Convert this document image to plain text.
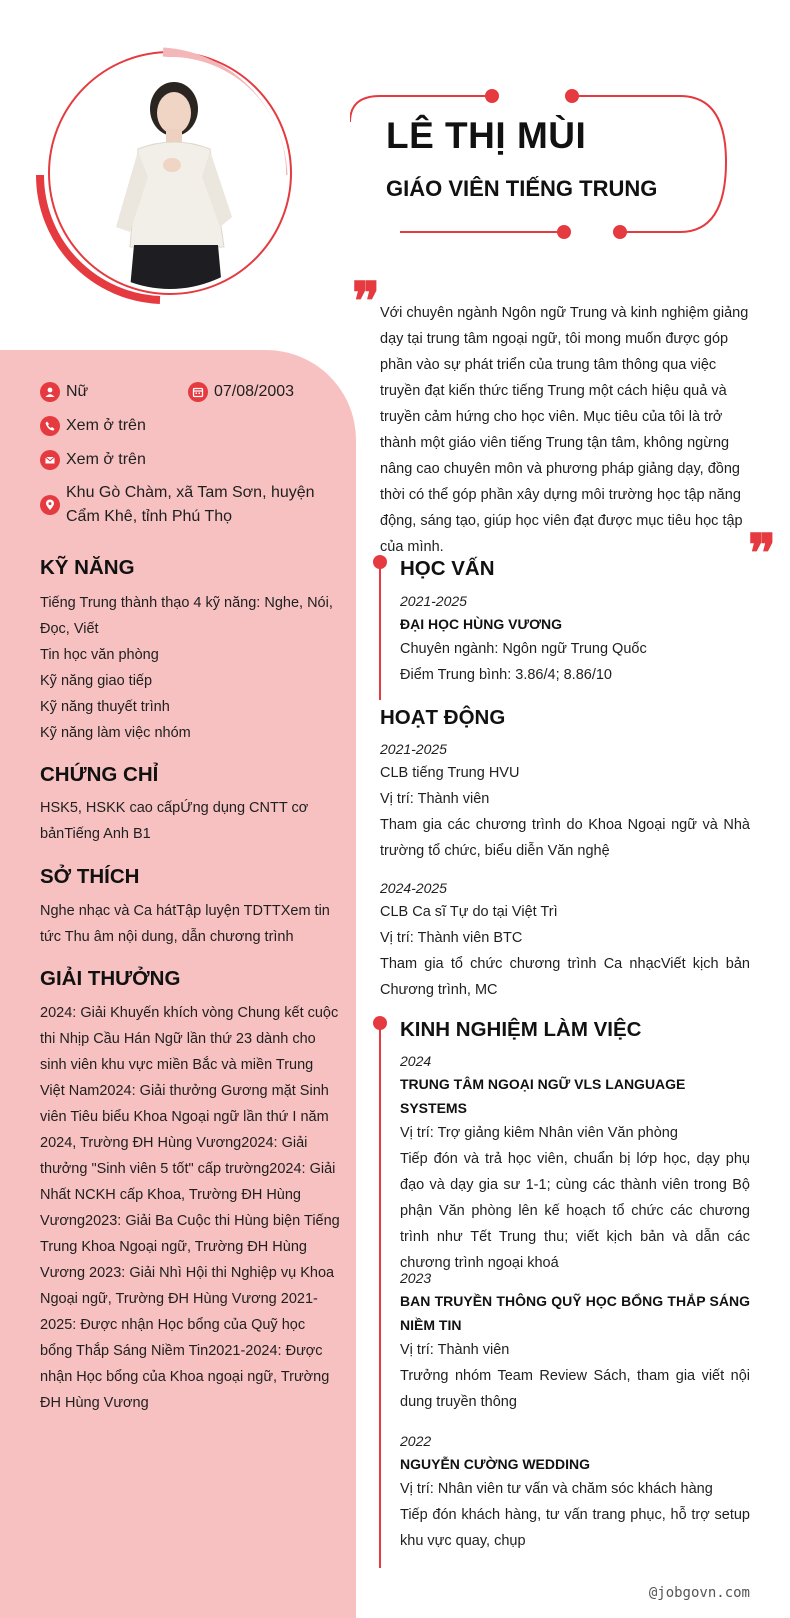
LÊ THỊ MÙI
GIÁO VIÊN TIẾNG TRUNG
❞ Với chuyên ngành Ngôn ngữ Trung và kinh nghiệm giảng dạy tại trung tâm ngoại ngữ, tôi mong muốn được góp phần vào sự phát triển của trung tâm thông qua việc truyền đạt kiến thức tiếng Trung một cách hiệu quả và truyền cảm hứng cho học viên. Mục tiêu của tôi là trở thành một giáo viên tiếng Trung tận tâm, không ngừng nâng cao chuyên môn và phương pháp giảng dạy, đồng thời có thể góp phần xây dựng môi trường học tập năng động, sáng tạo, giúp học viên đạt được mục tiêu học tập của mình.	❞
Nữ	07/08/2003
Xem ở trên
Xem ở trên
Khu Gò Chàm, xã Tam Sơn, huyện Cẩm Khê, tỉnh Phú Thọ
KỸ NĂNG
Tiếng Trung thành thạo 4 kỹ năng: Nghe, Nói, Đọc, Viết
Tin học văn phòng
Kỹ năng giao tiếp
Kỹ năng thuyết trình
Kỹ năng làm việc nhóm
CHỨNG CHỈ
HSK5, HSKK cao cấpỨng dụng CNTT cơ bảnTiếng Anh B1
SỞ THÍCH
Nghe nhạc và Ca hátTập luyện TDTTXem tin tức Thu âm nội dung, dẫn chương trình
GIẢI THƯỞNG
2024: Giải Khuyến khích vòng Chung kết cuộc thi Nhịp Cầu Hán Ngữ lần thứ 23 dành cho sinh viên khu vực miền Bắc và miền Trung Việt Nam2024: Giải thưởng Gương mặt Sinh viên Tiêu biểu Khoa Ngoại ngữ lần thứ I năm 2024, Trường ĐH Hùng Vương2024: Giải thưởng "Sinh viên 5 tốt" cấp trường2024: Giải Nhất NCKH cấp Khoa, Trường ĐH Hùng Vương2023: Giải Ba Cuộc thi Hùng biện Tiếng Trung Khoa Ngoại ngữ, Trường ĐH Hùng Vương 2023: Giải Nhì Hội thi Nghiệp vụ Khoa Ngoại ngữ, Trường ĐH Hùng Vương 2021-2025: Được nhận Học bổng của Quỹ học bổng Thắp Sáng Niềm Tin2021-2024: Được nhận Học bổng của Khoa ngoại ngữ, Trường ĐH Hùng Vương
HỌC VẤN
2021-2025
ĐẠI HỌC HÙNG VƯƠNG
Chuyên ngành: Ngôn ngữ Trung Quốc
Điểm Trung bình: 3.86/4; 8.86/10
HOẠT ĐỘNG
2021-2025
CLB tiếng Trung HVU
Vị trí: Thành viên
Tham gia các chương trình do Khoa Ngoại ngữ và Nhà trường tổ chức, biểu diễn Văn nghệ
2024-2025
CLB Ca sĩ Tự do tại Việt Trì
Vị trí: Thành viên BTC
Tham gia tổ chức chương trình Ca nhạcViết kịch bản Chương trình, MC
KINH NGHIỆM LÀM VIỆC
2024
TRUNG TÂM NGOẠI NGỮ VLS LANGUAGE SYSTEMS
Vị trí: Trợ giảng kiêm Nhân viên Văn phòng
Tiếp đón và trả học viên, chuẩn bị lớp học, dạy phụ đạo và dạy gia sư 1-1; cùng các thành viên trong Bộ phận Văn phòng lên kế hoạch tổ chức các chương trình như Tết Trung thu; viết kịch bản và dẫn các chương trình ngoại khoá
2023
BAN TRUYỀN THÔNG QUỸ HỌC BỔNG THẮP SÁNG NIỀM TIN
Vị trí: Thành viên
Trưởng nhóm Team Review Sách, tham gia viết nội dung truyền thông
2022
NGUYỄN CƯỜNG WEDDING
Vị trí: Nhân viên tư vấn và chăm sóc khách hàng
Tiếp đón khách hàng, tư vấn trang phục, hỗ trợ setup khu vực quay, chụp
@jobgovn.com
